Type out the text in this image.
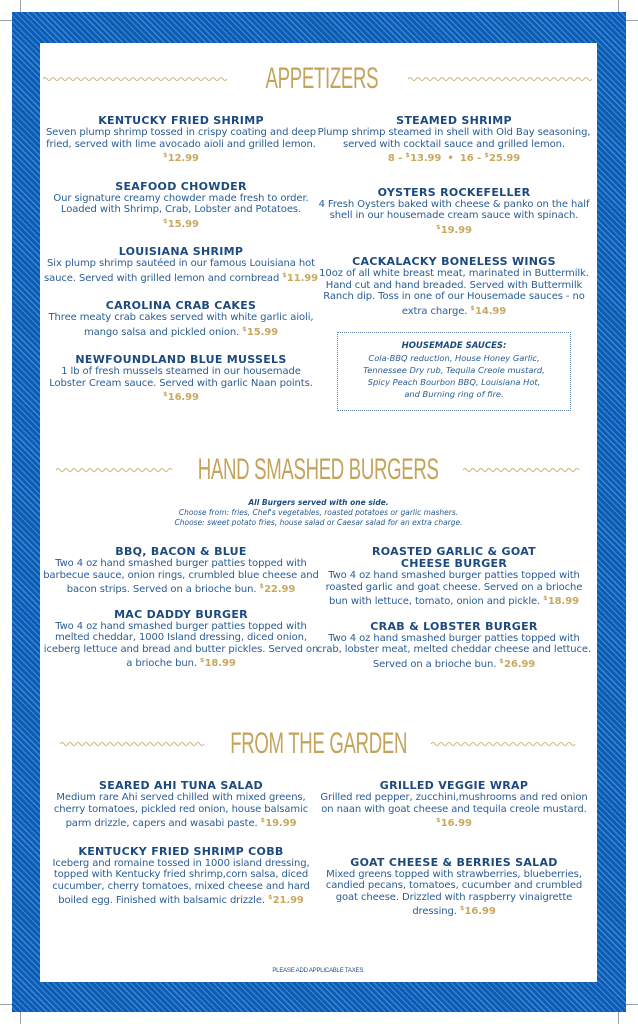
APPETIZERS
KENTUCKY FRIED SHRIMP
Seven plump shrimp tossed in crispy coating and deep fried, served with lime avocado aioli and grilled lemon. $12.99
SEAFOOD CHOWDER
Our signature creamy chowder made fresh to order. Loaded with Shrimp, Crab, Lobster and Potatoes. $15.99
LOUISIANA SHRIMP
Six plump shrimp sautéed in our famous Louisiana hot sauce. Served with grilled lemon and cornbread $11.99
CAROLINA CRAB CAKES
Three meaty crab cakes served with white garlic aioli, mango salsa and pickled onion. $15.99
NEWFOUNDLAND BLUE MUSSELS
1 lb of fresh mussels steamed in our housemade Lobster Cream sauce. Served with garlic Naan points. $16.99
STEAMED SHRIMP
Plump shrimp steamed in shell with Old Bay seasoning, served with cocktail sauce and grilled lemon.
8 - $13.99 • 16 - $25.99
OYSTERS ROCKEFELLER
4 Fresh Oysters baked with cheese & panko on the half shell in our housemade cream sauce with spinach. $19.99
CACKALACKY BONELESS WINGS
10oz of all white breast meat, marinated in Buttermilk. Hand cut and hand breaded. Served with Buttermilk Ranch dip. Toss in one of our Housemade sauces - no extra charge. $14.99
HOUSEMADE SAUCES:
Cola-BBQ reduction, House Honey Garlic,
Tennessee Dry rub, Tequila Creole mustard,
Spicy Peach Bourbon BBQ, Louisiana Hot,
and Burning ring of fire.
HAND SMASHED BURGERS
All Burgers served with one side.
Choose from: fries, Chef's vegetables, roasted potatoes or garlic mashers.
Choose: sweet potato fries, house salad or Caesar salad for an extra charge.
BBQ, BACON & BLUE
Two 4 oz hand smashed burger patties topped with barbecue sauce, onion rings, crumbled blue cheese and bacon strips. Served on a brioche bun. $22.99
MAC DADDY BURGER
Two 4 oz hand smashed burger patties topped with melted cheddar, 1000 Island dressing, diced onion, iceberg lettuce and bread and butter pickles. Served on a brioche bun. $18.99
ROASTED GARLIC & GOAT CHEESE BURGER
Two 4 oz hand smashed burger patties topped with roasted garlic and goat cheese. Served on a brioche bun with lettuce, tomato, onion and pickle. $18.99
CRAB & LOBSTER BURGER
Two 4 oz hand smashed burger patties topped with crab, lobster meat, melted cheddar cheese and lettuce. Served on a brioche bun. $26.99
FROM THE GARDEN
SEARED AHI TUNA SALAD
Medium rare Ahi served chilled with mixed greens, cherry tomatoes, pickled red onion, house balsamic parm drizzle, capers and wasabi paste. $19.99
KENTUCKY FRIED SHRIMP COBB
Iceberg and romaine tossed in 1000 island dressing, topped with Kentucky fried shrimp,corn salsa, diced cucumber, cherry tomatoes, mixed cheese and hard boiled egg. Finished with balsamic drizzle. $21.99
GRILLED VEGGIE WRAP
Grilled red pepper, zucchini,mushrooms and red onion on naan with goat cheese and tequila creole mustard. $16.99
GOAT CHEESE & BERRIES SALAD
Mixed greens topped with strawberries, blueberries, candied pecans, tomatoes, cucumber and crumbled goat cheese. Drizzled with raspberry vinaigrette dressing. $16.99
PLEASE ADD APPLICABLE TAXES.
